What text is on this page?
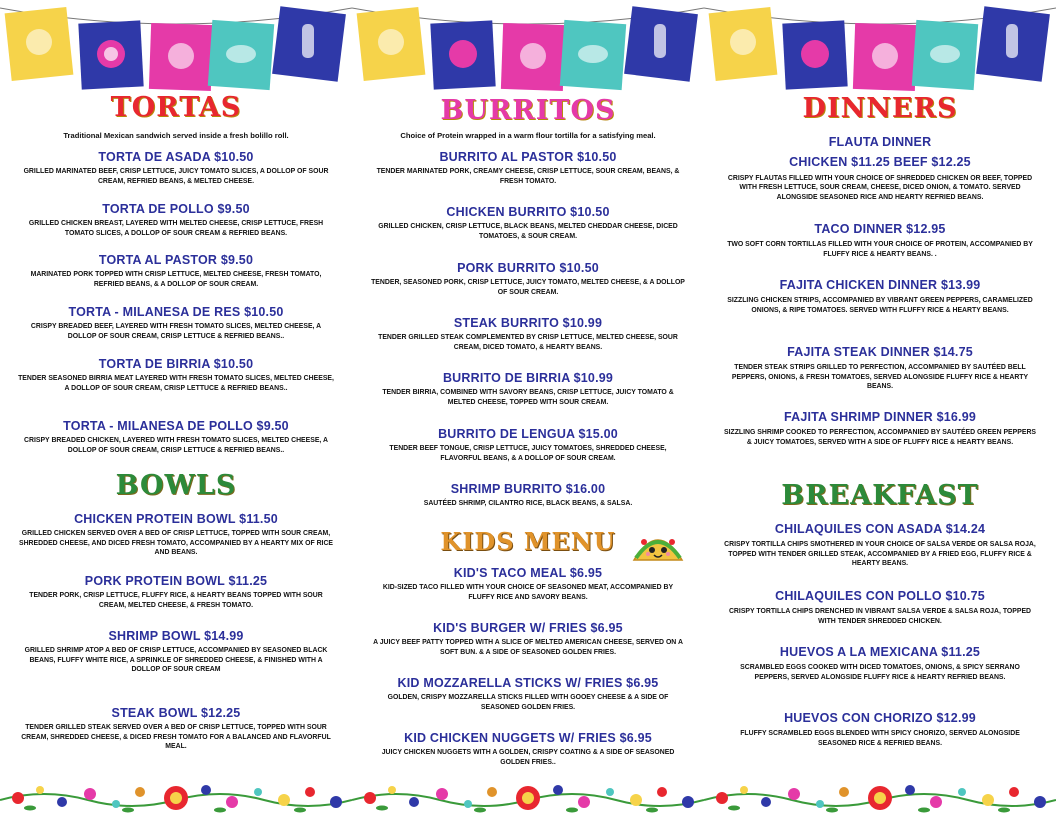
TORTAS
Traditional Mexican sandwich served inside a fresh bolillo roll.
TORTA DE ASADA $10.50
GRILLED MARINATED BEEF, CRISP LETTUCE, JUICY TOMATO SLICES, A DOLLOP OF SOUR CREAM, REFRIED BEANS, & MELTED CHEESE.
TORTA DE POLLO $9.50
GRILLED CHICKEN BREAST, LAYERED WITH MELTED CHEESE, CRISP LETTUCE, FRESH TOMATO SLICES, A DOLLOP OF SOUR CREAM & REFRIED BEANS.
TORTA AL PASTOR $9.50
MARINATED PORK TOPPED WITH CRISP LETTUCE, MELTED CHEESE, FRESH TOMATO, REFRIED BEANS, & A DOLLOP OF SOUR CREAM.
TORTA - MILANESA DE RES $10.50
CRISPY BREADED BEEF, LAYERED WITH FRESH TOMATO SLICES, MELTED CHEESE, A DOLLOP OF SOUR CREAM, CRISP LETTUCE & REFRIED BEANS..
TORTA DE BIRRIA $10.50
TENDER SEASONED BIRRIA MEAT LAYERED WITH FRESH TOMATO SLICES, MELTED CHEESE, A DOLLOP OF SOUR CREAM, CRISP LETTUCE & REFRIED BEANS..
TORTA - MILANESA DE POLLO $9.50
CRISPY BREADED CHICKEN, LAYERED WITH FRESH TOMATO SLICES, MELTED CHEESE, A DOLLOP OF SOUR CREAM, CRISP LETTUCE & REFRIED BEANS..
BOWLS
CHICKEN PROTEIN BOWL $11.50
GRILLED CHICKEN SERVED OVER A BED OF CRISP LETTUCE, TOPPED WITH SOUR CREAM, SHREDDED CHEESE, AND DICED FRESH TOMATO, ACCOMPANIED BY A HEARTY MIX OF RICE AND BEANS.
PORK PROTEIN BOWL $11.25
TENDER PORK, CRISP LETTUCE, FLUFFY RICE, & HEARTY BEANS TOPPED WITH SOUR CREAM, MELTED CHEESE, & FRESH TOMATO.
SHRIMP BOWL $14.99
GRILLED SHRIMP ATOP A BED OF CRISP LETTUCE, ACCOMPANIED BY SEASONED BLACK BEANS, FLUFFY WHITE RICE, A SPRINKLE OF SHREDDED CHEESE, & FINISHED WITH A DOLLOP OF SOUR CREAM
STEAK BOWL $12.25
TENDER GRILLED STEAK SERVED OVER A BED OF CRISP LETTUCE, TOPPED WITH SOUR CREAM, SHREDDED CHEESE, & DICED FRESH TOMATO FOR A BALANCED AND FLAVORFUL MEAL.
BURRITOS
Choice of Protein wrapped in a warm flour tortilla for a satisfying meal.
BURRITO AL PASTOR $10.50
TENDER MARINATED PORK, CREAMY CHEESE, CRISP LETTUCE, SOUR CREAM, BEANS, & FRESH TOMATO.
CHICKEN BURRITO $10.50
GRILLED CHICKEN, CRISP LETTUCE, BLACK BEANS, MELTED CHEDDAR CHEESE, DICED TOMATOES, & SOUR CREAM.
PORK BURRITO $10.50
TENDER, SEASONED PORK, CRISP LETTUCE, JUICY TOMATO, MELTED CHEESE, & A DOLLOP OF SOUR CREAM.
STEAK BURRITO $10.99
TENDER GRILLED STEAK COMPLEMENTED BY CRISP LETTUCE, MELTED CHEESE, SOUR CREAM, DICED TOMATO, & HEARTY BEANS.
BURRITO DE BIRRIA $10.99
TENDER BIRRIA, COMBINED WITH SAVORY BEANS, CRISP LETTUCE, JUICY TOMATO & MELTED CHEESE, TOPPED WITH SOUR CREAM.
BURRITO DE LENGUA $15.00
TENDER BEEF TONGUE, CRISP LETTUCE, JUICY TOMATOES, SHREDDED CHEESE, FLAVORFUL BEANS, & A DOLLOP OF SOUR CREAM.
SHRIMP BURRITO $16.00
SAUTÉED SHRIMP, CILANTRO RICE, BLACK BEANS, & SALSA.
KIDS MENU
KID'S TACO MEAL $6.95
KID-SIZED TACO FILLED WITH YOUR CHOICE OF SEASONED MEAT, ACCOMPANIED BY FLUFFY RICE AND SAVORY BEANS.
KID'S BURGER W/ FRIES $6.95
A JUICY BEEF PATTY TOPPED WITH A SLICE OF MELTED AMERICAN CHEESE, SERVED ON A SOFT BUN. & A SIDE OF SEASONED GOLDEN FRIES.
KID MOZZARELLA STICKS W/ FRIES $6.95
GOLDEN, CRISPY MOZZARELLA STICKS FILLED WITH GOOEY CHEESE & A SIDE OF SEASONED GOLDEN FRIES.
KID CHICKEN NUGGETS W/ FRIES $6.95
JUICY CHICKEN NUGGETS WITH A GOLDEN, CRISPY COATING & A SIDE OF SEASONED GOLDEN FRIES..
DINNERS
FLAUTA DINNER
CHICKEN $11.25 BEEF $12.25
CRISPY FLAUTAS FILLED WITH YOUR CHOICE OF SHREDDED CHICKEN OR BEEF, TOPPED WITH FRESH LETTUCE, SOUR CREAM, CHEESE, DICED ONION, & TOMATO. SERVED ALONGSIDE SEASONED RICE AND HEARTY REFRIED BEANS.
TACO DINNER $12.95
TWO SOFT CORN TORTILLAS FILLED WITH YOUR CHOICE OF PROTEIN, ACCOMPANIED BY FLUFFY RICE & HEARTY BEANS. .
FAJITA CHICKEN DINNER $13.99
SIZZLING CHICKEN STRIPS, ACCOMPANIED BY VIBRANT GREEN PEPPERS, CARAMELIZED ONIONS, & RIPE TOMATOES. SERVED WITH FLUFFY RICE & HEARTY BEANS.
FAJITA STEAK DINNER $14.75
TENDER STEAK STRIPS GRILLED TO PERFECTION, ACCOMPANIED BY SAUTÉED BELL PEPPERS, ONIONS, & FRESH TOMATOES, SERVED ALONGSIDE FLUFFY RICE & HEARTY BEANS.
FAJITA SHRIMP DINNER $16.99
SIZZLING SHRIMP COOKED TO PERFECTION, ACCOMPANIED BY SAUTÉED GREEN PEPPERS & JUICY TOMATOES, SERVED WITH A SIDE OF FLUFFY RICE & HEARTY BEANS.
BREAKFAST
CHILAQUILES CON ASADA $14.24
CRISPY TORTILLA CHIPS SMOTHERED IN YOUR CHOICE OF SALSA VERDE OR SALSA ROJA, TOPPED WITH TENDER GRILLED STEAK, ACCOMPANIED BY A FRIED EGG, FLUFFY RICE & HEARTY BEANS.
CHILAQUILES CON POLLO $10.75
CRISPY TORTILLA CHIPS DRENCHED IN VIBRANT SALSA VERDE & SALSA ROJA, TOPPED WITH TENDER SHREDDED CHICKEN.
HUEVOS A LA MEXICANA $11.25
SCRAMBLED EGGS COOKED WITH DICED TOMATOES, ONIONS, & SPICY SERRANO PEPPERS, SERVED ALONGSIDE FLUFFY RICE & HEARTY REFRIED BEANS.
HUEVOS CON CHORIZO $12.99
FLUFFY SCRAMBLED EGGS BLENDED WITH SPICY CHORIZO, SERVED ALONGSIDE SEASONED RICE & REFRIED BEANS.
